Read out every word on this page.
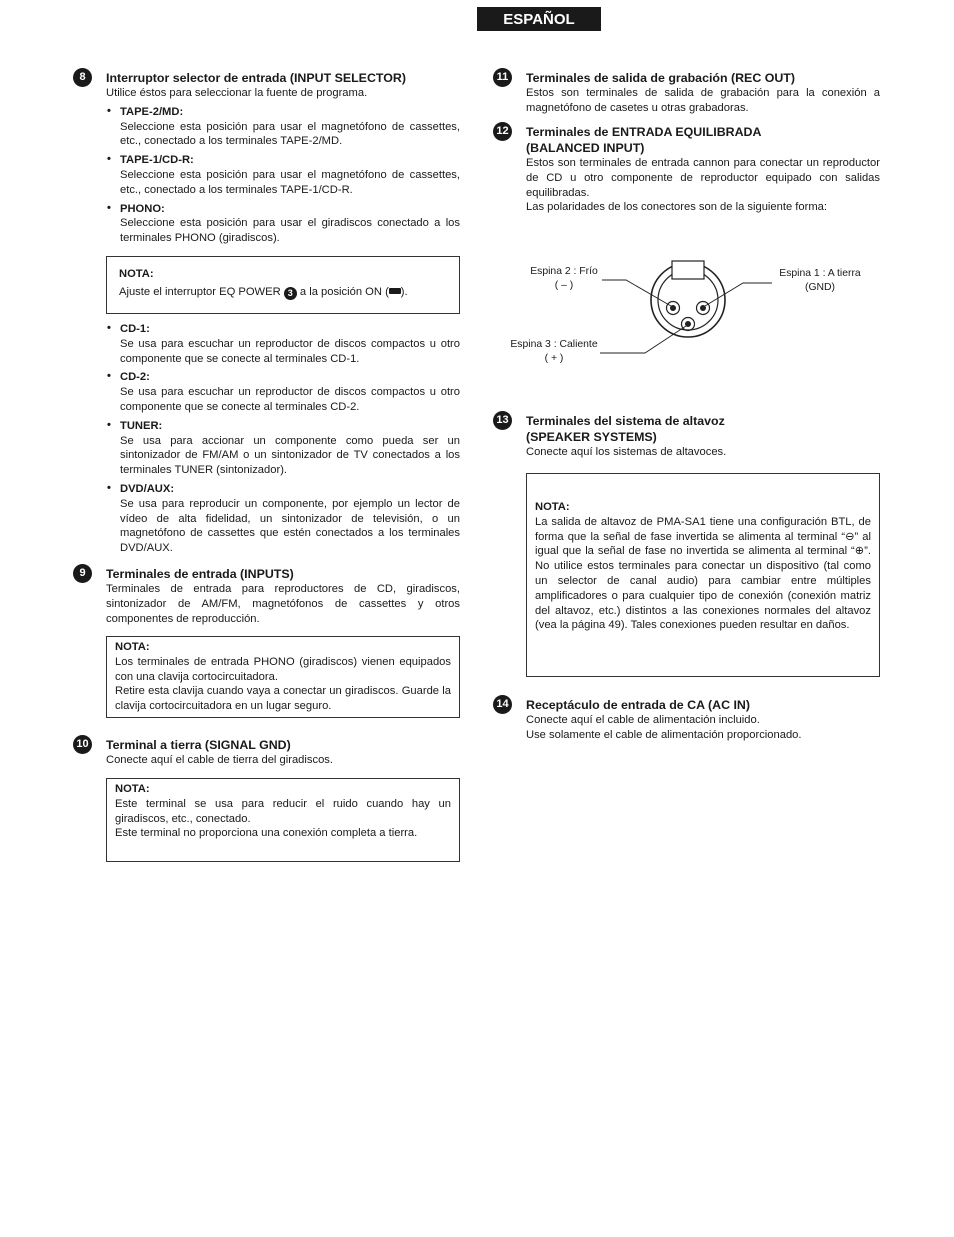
ESPAÑOL
8	Interruptor selector de entrada (INPUT SELECTOR)
Utilice éstos para seleccionar la fuente de programa.
• TAPE-2/MD:
Seleccione esta posición para usar el magnetófono de cassettes, etc., conectado a los terminales TAPE-2/MD.
• TAPE-1/CD-R:
Seleccione esta posición para usar el magnetófono de cassettes, etc., conectado a los terminales TAPE-1/CD-R.
• PHONO:
Seleccione esta posición para usar el giradiscos conectado a los terminales PHONO (giradiscos).
NOTA:
Ajuste el interruptor EQ POWER 3 a la posición ON ( ).
• CD-1:
Se usa para escuchar un reproductor de discos compactos u otro componente que se conecte al terminales CD-1.
• CD-2:
Se usa para escuchar un reproductor de discos compactos u otro componente que se conecte al terminales CD-2.
• TUNER:
Se usa para accionar un componente como pueda ser un sintonizador de FM/AM o un sintonizador de TV conectados a los terminales TUNER (sintonizador).
• DVD/AUX:
Se usa para reproducir un componente, por ejemplo un lector de vídeo de alta fidelidad, un sintonizador de televisión, o un magnetófono de cassettes que estén conectados a los terminales DVD/AUX.
9	Terminales de entrada (INPUTS)
Terminales de entrada para reproductores de CD, giradiscos, sintonizador de AM/FM, magnetófonos de cassettes y otros componentes de reproducción.
NOTA:
Los terminales de entrada PHONO (giradiscos) vienen equipados con una clavija cortocircuitadora.
Retire esta clavija cuando vaya a conectar un giradiscos. Guarde la clavija cortocircuitadora en un lugar seguro.
10 Terminal a tierra (SIGNAL GND)
Conecte aquí el cable de tierra del giradiscos.
NOTA:
Este terminal se usa para reducir el ruido cuando hay un giradiscos, etc., conectado.
Este terminal no proporciona una conexión completa a tierra.
11 Terminales de salida de grabación (REC OUT)
Estos son terminales de salida de grabación para la conexión a magnetófono de casetes u otras grabadoras.
12 Terminales de ENTRADA EQUILIBRADA
(BALANCED INPUT)
Estos son terminales de entrada cannon para conectar un reproductor de CD u otro componente de reproductor equipado con salidas equilibradas.
Las polaridades de los conectores son de la siguiente forma:
Espina 2 : Frío
( – )
Espina 1 : A tierra
(GND)
Espina 3 : Caliente
( + )
13 Terminales del sistema de altavoz
(SPEAKER SYSTEMS)
Conecte aquí los sistemas de altavoces.
NOTA:
La salida de altavoz de PMA-SA1 tiene una configuración BTL, de forma que la señal de fase invertida se alimenta al terminal “⊖” al igual que la señal de fase no invertida se alimenta al terminal “⊕”. No utilice estos terminales para conectar un dispositivo (tal como un selector de canal audio) para cambiar entre múltiples amplificadores o para cualquier tipo de conexión (conexión matriz del altavoz, etc.) distintos a las conexiones normales del altavoz (vea la página 49). Tales conexiones pueden resultar en daños.
14 Receptáculo de entrada de CA (AC IN)
Conecte aquí el cable de alimentación incluido.
Use solamente el cable de alimentación proporcionado.
